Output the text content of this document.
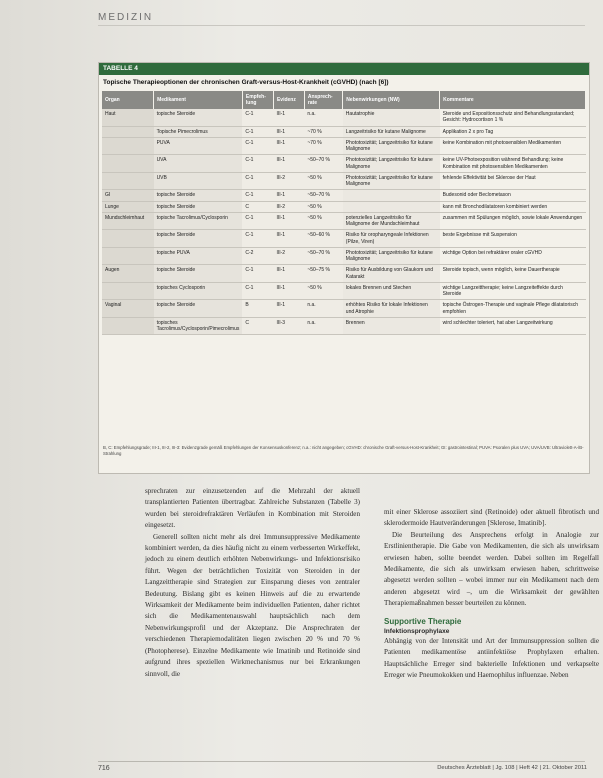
MEDIZIN
TABELLE 4
Topische Therapieoptionen der chronischen Graft-versus-Host-Krankheit (cGVHD) (nach [6])
Organ	Medikament	Empfeh-lung	Evidenz	Ansprech-rate	Nebenwirkungen (NW)	Kommentare
Haut	topische Steroide	C-1	III-1	n.a.	Hautatrophie	Steroide und Expositionsschutz sind Behandlungsstandard; Gesicht: Hydrocortison 1 %
	Topische Pimecrolimus	C-1	III-1	~70 %	Langzeitrisiko für kutane Malignome	Applikation 2 x pro Tag
	PUVA	C-1	III-1	~70 %	Phototoxizität; Langzeitrisiko für kutane Malignome	keine Kombination mit photosensiblen Medikamenten
	UVA	C-1	III-1	~50–70 %	Phototoxizität; Langzeitrisiko für kutane Malignome	keine UV-Photoexposition während Behandlung; keine Kombination mit photosensiblen Medikamenten
	UVB	C-1	III-2	~50 %	Phototoxizität; Langzeitrisiko für kutane Malignome	fehlende Effektivität bei Sklerose der Haut
GI	topische Steroide	C-1	III-1	~50–70 %		Budesonid oder Beclometason
Lunge	topische Steroide	C	III-2	~50 %		kann mit Bronchodilatatoren kombiniert werden
Mundschleimhaut	topische Tacrolimus/Cyclosporin	C-1	III-1	~50 %	potenzielles Langzeitrisiko für Malignome der Mundschleimhaut	zusammen mit Spülungen möglich, sowie lokale Anwendungen
	topische Steroide	C-1	III-1	~50–60 %	Risiko für oropharyngeale Infektionen (Pilze, Viren)	beste Ergebnisse mit Suspension
	topische PUVA	C-2	III-2	~50–70 %	Phototoxizität; Langzeitrisiko für kutane Malignome	wichtige Option bei refraktärer oraler cGVHD
Augen	topische Steroide	C-1	III-1	~50–75 %	Risiko für Ausbildung von Glaukom und Katarakt	Steroide topisch, wenn möglich, keine Dauertherapie
	topisches Cyclosporin	C-1	III-1	~50 %	lokales Brennen und Stechen	wichtige Langzeittherapie; keine Langzeiteffekte durch Steroide
Vaginal	topische Steroide	B	III-1	n.a.	erhöhtes Risiko für lokale Infektionen und Atrophie	topische Östrogen-Therapie und vaginale Pflege dilatatorisch empfohlen
	topisches Tacrolimus/Cyclosporin/Pimecrolimus	C	III-3	n.a.	Brennen	wird schlechter toleriert, hat aber Langzeitwirkung
B, C: Empfehlungsgrade; III-1, III-2, III-3: Evidenzgrade gemäß Empfehlungen der Konsensuskonferenz; n.a.: nicht angegeben; cGVHD: chronische Graft-versus-Host-Krankheit; GI: gastrointestinal; PUVA: Psoralen plus UVA; UVA/UVB: Ultraviolett-A-/B-Strahlung

sprechraten zur einzusetzenden auf die Mehrzahl der aktuell transplantierten Patienten übertragbar. Zahlreiche Substanzen (Tabelle 3) wurden bei steroidrefraktären Verläufen in Kombination mit Steroiden eingesetzt.

Generell sollten nicht mehr als drei Immunsuppressive Medikamente kombiniert werden, da dies häufig nicht zu einem verbesserten Wirkeffekt, jedoch zu einem deutlich erhöhten Nebenwirkungs- und Infektionsrisiko führt. Wegen der beträchtlichen Toxizität von Steroiden in der Langzeittherapie sind Strategien zur Einsparung dieses von zentraler Bedeutung. Bislang gibt es keinen Hinweis auf die zu erwartende Wirksamkeit der Medikamente beim individuellen Patienten, daher richtet sich die Medikamentenauswahl hauptsächlich nach dem Nebenwirkungsprofil und der Akzeptanz. Die Ansprechraten der verschiedenen Therapiemodalitäten liegen zwischen 20 % und 70 % (Photopherese). Einzelne Medikamente wie Imatinib und Retinoide sind aufgrund ihres speziellen Wirkmechanismus nur bei Erkrankungen sinnvoll, die

mit einer Sklerose assoziiert sind (Retinoide) oder aktuell fibrotisch und sklerodermoide Hautveränderungen [Sklerose, Imatinib].

Die Beurteilung des Ansprechens erfolgt in Analogie zur Erstlinientherapie. Die Gabe von Medikamenten, die sich als unwirksam erwiesen haben, sollte beendet werden. Dabei sollten im Regelfall Medikamente, die sich als unwirksam erwiesen haben, schrittweise abgesetzt werden sollten – wobei immer nur ein Medikament nach dem anderen abgesetzt wird –, um die Wirksamkeit der gewählten Therapiemaßnahmen besser beurteilen zu können.

Supportive Therapie
Infektionsprophylaxe

Abhängig von der Intensität und Art der Immunsuppression sollten die Patienten medikamentöse antiinfektiöse Prophylaxen erhalten. Hauptsächliche Erreger sind bakterielle Infektionen und verkapselte Erreger wie Pneumokokken und Haemophilus influenzae. Neben

716	Deutsches Ärzteblatt | Jg. 108 | Heft 42 | 21. Oktober 2011
